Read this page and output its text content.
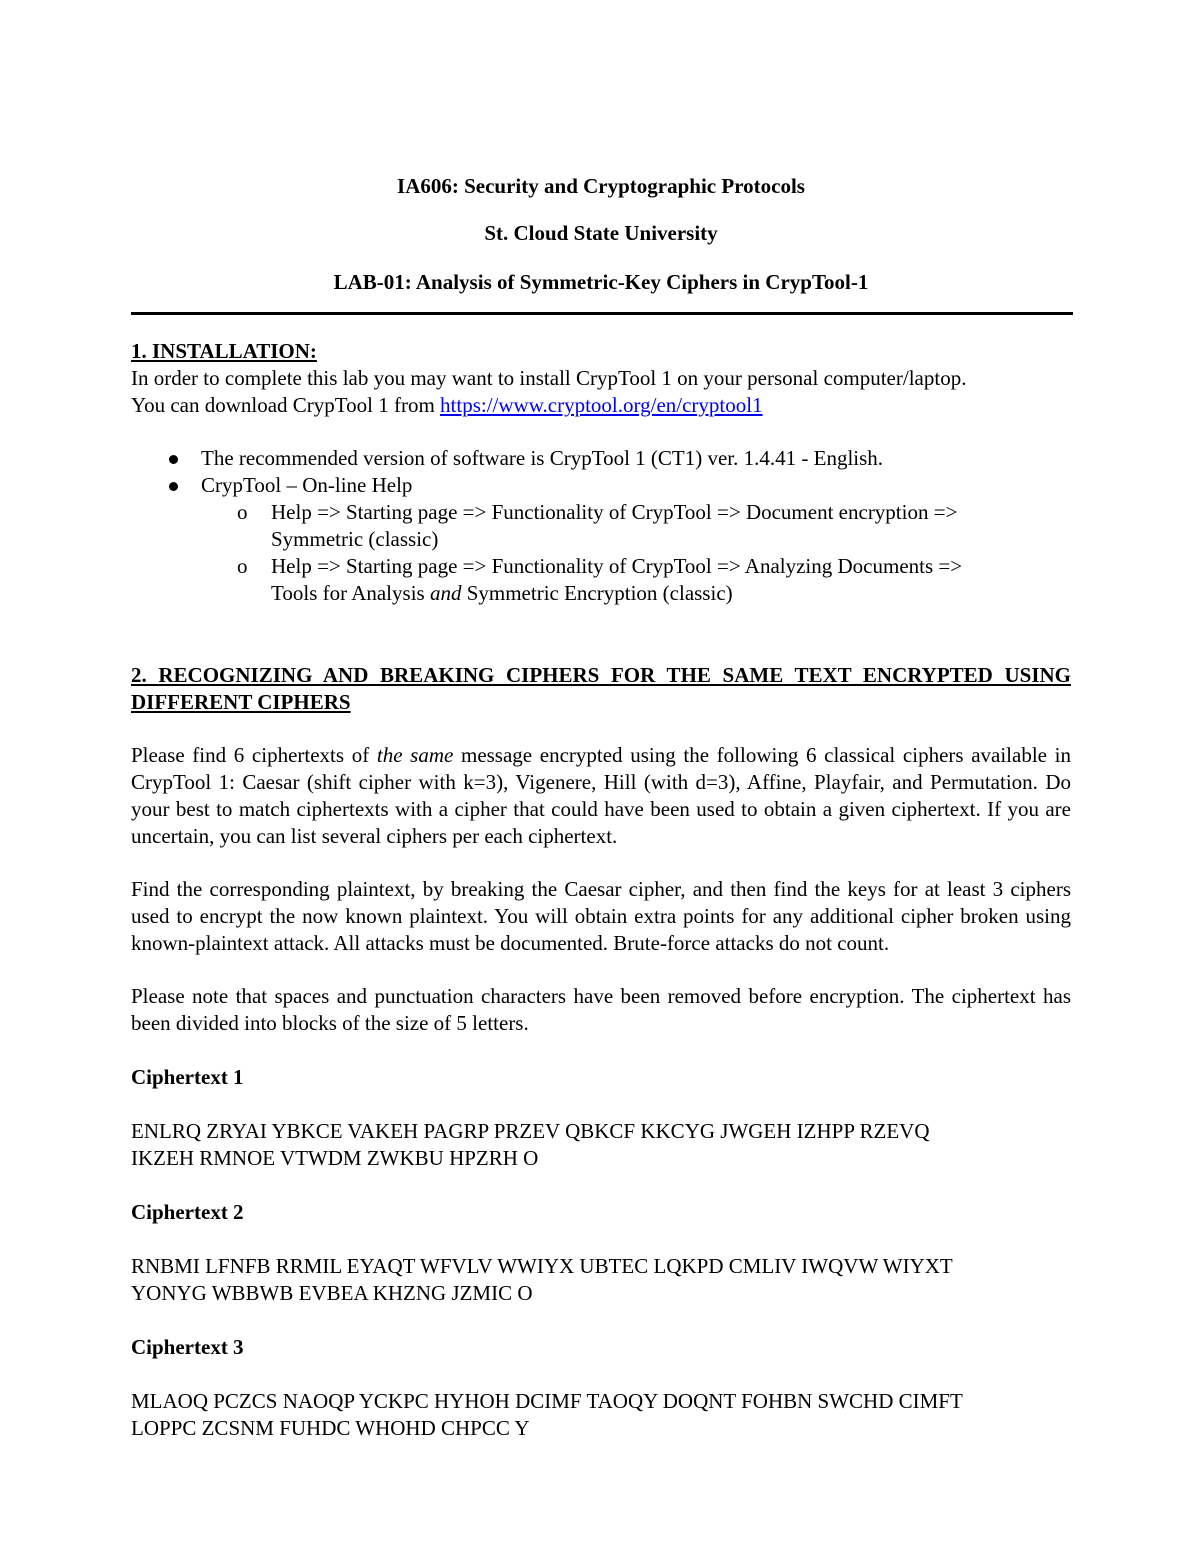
IA606: Security and Cryptographic Protocols

St. Cloud State University

LAB-01: Analysis of Symmetric-Key Ciphers in CrypTool-1

1. INSTALLATION:

In order to complete this lab you may want to install CrypTool 1 on your personal computer/laptop.

You can download CrypTool 1 from https://www.cryptool.org/en/cryptool1

The recommended version of software is CrypTool 1 (CT1) ver. 1.4.41 - English.
CrypTool – On-line Help
o Help => Starting page => Functionality of CrypTool => Document encryption =>
Symmetric (classic)
o Help => Starting page => Functionality of CrypTool => Analyzing Documents =>
Tools for Analysis and Symmetric Encryption (classic)

2. RECOGNIZING AND BREAKING CIPHERS FOR THE SAME TEXT ENCRYPTED USING DIFFERENT CIPHERS

Please find 6 ciphertexts of the same message encrypted using the following 6 classical ciphers available in CrypTool 1: Caesar (shift cipher with k=3), Vigenere, Hill (with d=3), Affine, Playfair, and Permutation. Do your best to match ciphertexts with a cipher that could have been used to obtain a given ciphertext. If you are uncertain, you can list several ciphers per each ciphertext.

Find the corresponding plaintext, by breaking the Caesar cipher, and then find the keys for at least 3 ciphers used to encrypt the now known plaintext. You will obtain extra points for any additional cipher broken using known-plaintext attack. All attacks must be documented. Brute-force attacks do not count.

Please note that spaces and punctuation characters have been removed before encryption. The ciphertext has been divided into blocks of the size of 5 letters.

Ciphertext 1

ENLRQ ZRYAI YBKCE VAKEH PAGRP PRZEV QBKCF KKCYG JWGEH IZHPP RZEVQ
IKZEH RMNOE VTWDM ZWKBU HPZRH O

Ciphertext 2

RNBMI LFNFB RRMIL EYAQT WFVLV WWIYX UBTEC LQKPD CMLIV IWQVW WIYXT
YONYG WBBWB EVBEA KHZNG JZMIC O

Ciphertext 3

MLAOQ PCZCS NAOQP YCKPC HYHOH DCIMF TAOQY DOQNT FOHBN SWCHD CIMFT
LOPPC ZCSNM FUHDC WHOHD CHPCC Y
